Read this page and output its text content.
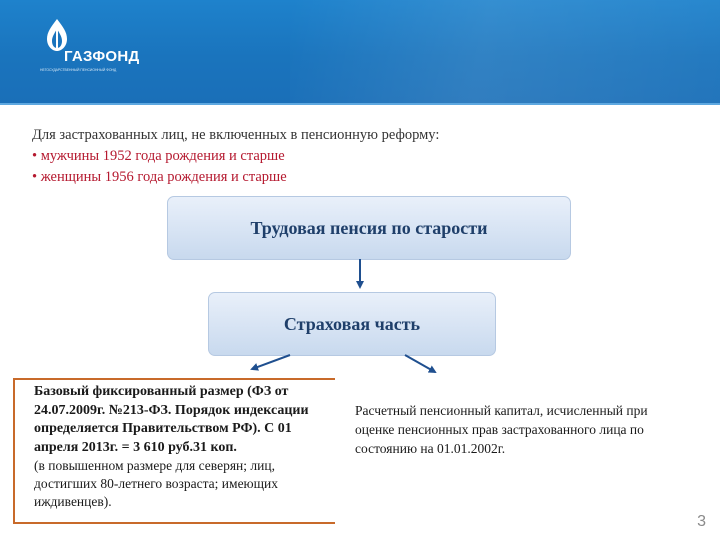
ГАЗФОНД
НЕГОСУДАРСТВЕННЫЙ ПЕНСИОННЫЙ ФОНД
Для застрахованных лиц, не включенных в пенсионную реформу:
• мужчины 1952 года рождения и старше
• женщины 1956 года рождения и старше
Трудовая пенсия по старости
Страховая часть
Базовый фиксированный размер (ФЗ от 24.07.2009г. №213-ФЗ. Порядок индексации определяется Правительством РФ). С 01 апреля 2013г. = 3 610 руб.31 коп.
(в повышенном размере для северян; лиц, достигших 80-летнего возраста; имеющих иждивенцев).
Расчетный пенсионный капитал, исчисленный при оценке пенсионных прав застрахованного лица по состоянию на 01.01.2002г.
3
